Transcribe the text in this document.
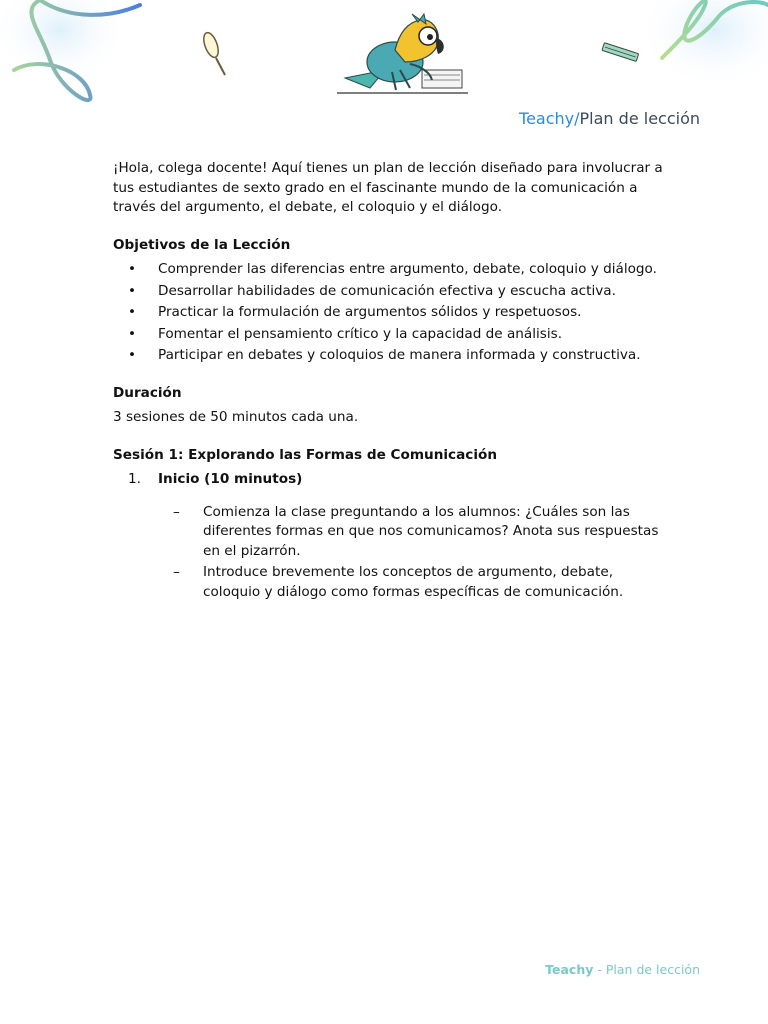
Teachy/Plan de lección

¡Hola, colega docente! Aquí tienes un plan de lección diseñado para involucrar a tus estudiantes de sexto grado en el fascinante mundo de la comunicación a través del argumento, el debate, el coloquio y el diálogo.

Objetivos de la Lección
• Comprender las diferencias entre argumento, debate, coloquio y diálogo.
• Desarrollar habilidades de comunicación efectiva y escucha activa.
• Practicar la formulación de argumentos sólidos y respetuosos.
• Fomentar el pensamiento crítico y la capacidad de análisis.
• Participar en debates y coloquios de manera informada y constructiva.
Duración

3 sesiones de 50 minutos cada una.

Sesión 1: Explorando las Formas de Comunicación
1. Inicio (10 minutos)
– Comienza la clase preguntando a los alumnos: ¿Cuáles son las diferentes formas en que nos comunicamos? Anota sus respuestas en el pizarrón.
– Introduce brevemente los conceptos de argumento, debate, coloquio y diálogo como formas específicas de comunicación.
Teachy - Plan de lección
